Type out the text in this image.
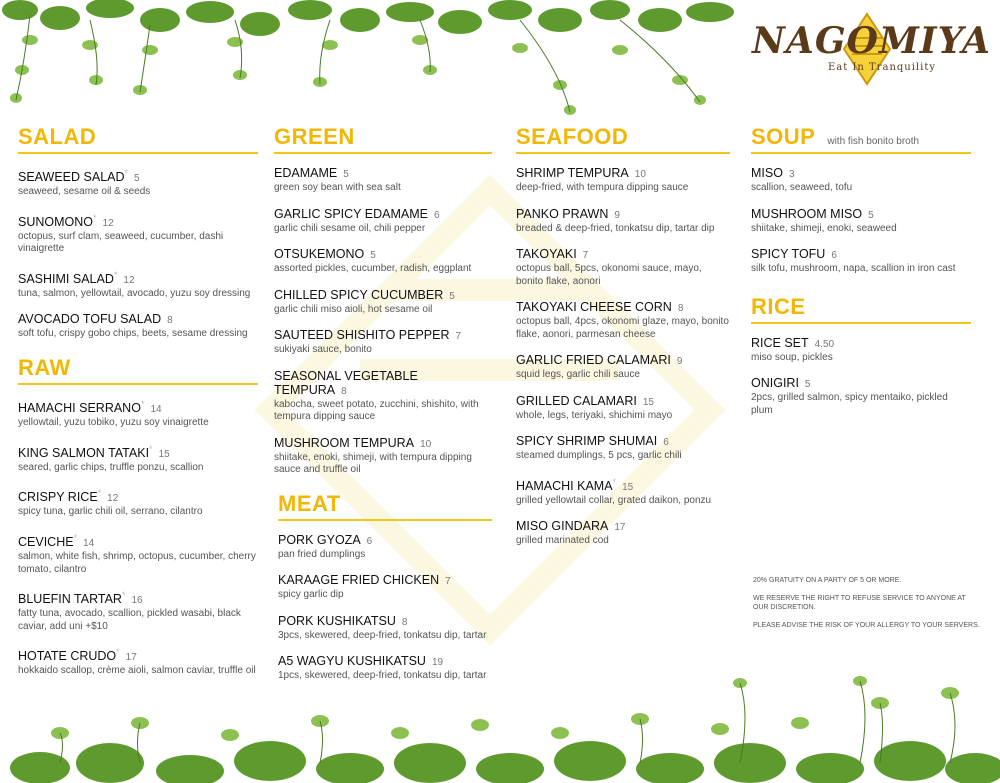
NAGOMIYA
Eat In Tranquility
SALAD
SEAWEED SALAD*5
seaweed, sesame oil & seeds
SUNOMONO*12
octopus, surf clam, seaweed, cucumber, dashi vinaigrette
SASHIMI SALAD*12
tuna, salmon, yellowtail, avocado, yuzu soy dressing
AVOCADO TOFU SALAD 8
soft tofu, crispy gobo chips, beets, sesame dressing
RAW
HAMACHI SERRANO*14
yellowtail, yuzu tobiko, yuzu soy vinaigrette
KING SALMON TATAKI*15
seared, garlic chips, truffle ponzu, scallion
CRISPY RICE*12
spicy tuna, garlic chili oil, serrano, cilantro
CEVICHE*14
salmon, white fish, shrimp, octopus, cucumber, cherry tomato, cilantro
BLUEFIN TARTAR*16
fatty tuna, avocado, scallion, pickled wasabi, black caviar, add uni +$10
HOTATE CRUDO*17
hokkaido scallop, crème aioli, salmon caviar, truffle oil
GREEN
EDAMAME 5
green soy bean with sea salt
GARLIC SPICY EDAMAME 6
garlic chili sesame oil, chili pepper
OTSUKEMONO 5
assorted pickles, cucumber, radish, eggplant
CHILLED SPICY CUCUMBER 5
garlic chili miso aioli, hot sesame oil
SAUTEED SHISHITO PEPPER 7
sukiyaki sauce, bonito
SEASONAL VEGETABLE TEMPURA 8
kabocha, sweet potato, zucchini, shishito, with tempura dipping sauce
MUSHROOM TEMPURA 10
shiitake, enoki, shimeji, with tempura dipping sauce and truffle oil
MEAT
PORK GYOZA 6
pan fried dumplings
KARAAGE FRIED CHICKEN 7
spicy garlic dip
PORK KUSHIKATSU 8
3pcs, skewered, deep-fried, tonkatsu dip, tartar
A5 WAGYU KUSHIKATSU 19
1pcs, skewered, deep-fried, tonkatsu dip, tartar
SEAFOOD
SHRIMP TEMPURA 10
deep-fried, with tempura dipping sauce
PANKO PRAWN 9
breaded & deep-fried, tonkatsu dip, tartar dip
TAKOYAKI 7
octopus ball, 5pcs, okonomi sauce, mayo, bonito flake, aonori
TAKOYAKI CHEESE CORN 8
octopus ball, 4pcs, okonomi glaze, mayo, bonito flake, aonori, parmesan cheese
GARLIC FRIED CALAMARI 9
squid legs, garlic chili sauce
GRILLED CALAMARI 15
whole, legs, teriyaki, shichimi mayo
SPICY SHRIMP SHUMAI 6
steamed dumplings, 5 pcs, garlic chili
HAMACHI KAMA*15
grilled yellowtail collar, grated daikon, ponzu
MISO GINDARA 17
grilled marinated cod
SOUP with fish bonito broth
MISO 3
scallion, seaweed, tofu
MUSHROOM MISO 5
shiitake, shimeji, enoki, seaweed
SPICY TOFU 6
silk tofu, mushroom, napa, scallion in iron cast
RICE
RICE SET 4.50
miso soup, pickles
ONIGIRI 5
2pcs, grilled salmon, spicy mentaiko, pickled plum

20% GRATUITY ON A PARTY OF 5 OR MORE.

WE RESERVE THE RIGHT TO REFUSE SERVICE TO ANYONE AT OUR DISCRETION.

PLEASE ADVISE THE RISK OF YOUR ALLERGY TO YOUR SERVERS.
